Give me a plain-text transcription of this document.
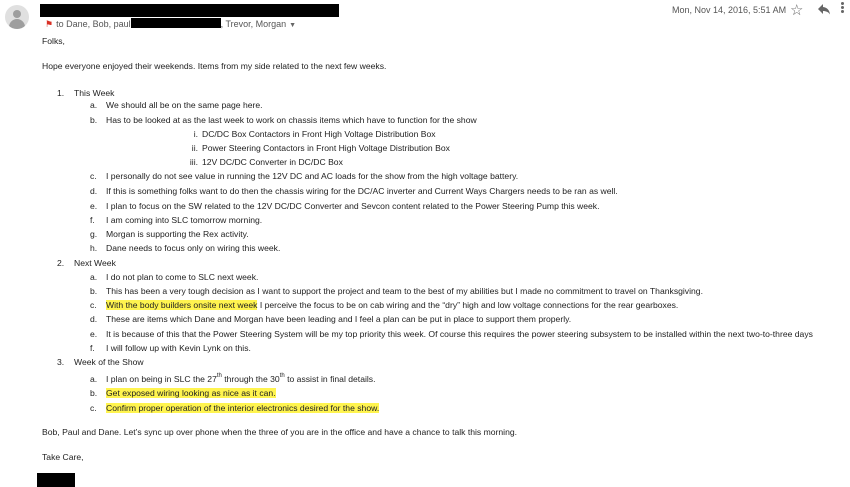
⚑ to Dane, Bob, paul	, Trevor, Morgan ▼
Mon, Nov 14, 2016, 5:51 AM ☆
Folks,
Hope everyone enjoyed their weekends. Items from my side related to the next few weeks.
1. This Week
a. We should all be on the same page here.
b. Has to be looked at as the last week to work on chassis items which have to function for the show
i. DC/DC Box Contactors in Front High Voltage Distribution Box
ii. Power Steering Contactors in Front High Voltage Distribution Box
iii. 12V DC/DC Converter in DC/DC Box
c. I personally do not see value in running the 12V DC and AC loads for the show from the high voltage battery.
d. If this is something folks want to do then the chassis wiring for the DC/AC inverter and Current Ways Chargers needs to be ran as well.
e. I plan to focus on the SW related to the 12V DC/DC Converter and Sevcon content related to the Power Steering Pump this week.
f. I am coming into SLC tomorrow morning.
g. Morgan is supporting the Rex activity.
h. Dane needs to focus only on wiring this week.
2. Next Week
a. I do not plan to come to SLC next week.
b. This has been a very tough decision as I want to support the project and team to the best of my abilities but I made no commitment to travel on Thanksgiving.
c. With the body builders onsite next week I perceive the focus to be on cab wiring and the “dry” high and low voltage connections for the rear gearboxes.
d. These are items which Dane and Morgan have been leading and I feel a plan can be put in place to support them properly.
e. It is because of this that the Power Steering System will be my top priority this week. Of course this requires the power steering subsystem to be installed within the next two-to-three days
f. I will follow up with Kevin Lynk on this.
3. Week of the Show
a. I plan on being in SLC the 27th through the 30th to assist in final details.
b. Get exposed wiring looking as nice as it can.
c. Confirm proper operation of the interior electronics desired for the show.
Bob, Paul and Dane. Let’s sync up over phone when the three of you are in the office and have a chance to talk this morning.
Take Care,
